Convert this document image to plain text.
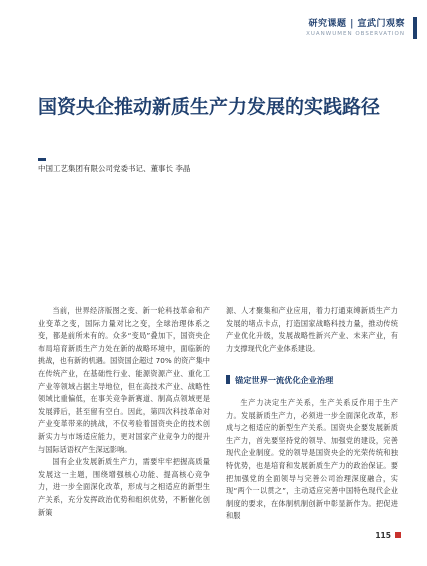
研究课题 | 宣武门观察
XUANWUMEN OBSERVATION
国资央企推动新质生产力发展的实践路径
中国工艺集团有限公司党委书记、董事长 李晶

当前，世界经济版图之变、新一轮科技革命和产业变革之变，国际力量对比之变，全球治理体系之变，都是前所未有的。众多“变局”叠加下，国资央企布局培育新质生产力处在新的战略环境中，面临新的挑战，也有新的机遇。国资国企超过 70% 的资产集中在传统产业，在基础性行业、能源资源产业、重化工产业等领域占据主导地位，但在高技术产业、战略性领域比重偏低，在事关竞争新赛道、制高点领域更是发展滞后，甚至留有空白。因此，第四次科技革命对产业变革带来的挑战，不仅考验着国资央企的技术创新实力与市场适应能力，更对国家产业竞争力的提升与国际话语权产生深远影响。

国有企业发展新质生产力，需要牢牢把握高质量发展这一主题，围绕增强核心功能、提高核心竞争力，进一步全面深化改革，形成与之相适应的新型生产关系，充分发挥政治优势和组织优势，不断催化创新策

源、人才聚集和产业应用，着力打通束缚新质生产力发展的堵点卡点，打造国家战略科技力量，推动传统产业优化升级，发展战略性新兴产业、未来产业，有力支撑现代化产业体系建设。

锚定世界一流优化企业治理

生产力决定生产关系，生产关系反作用于生产力。发展新质生产力，必须进一步全面深化改革，形成与之相适应的新型生产关系。国资央企要发展新质生产力，首先要坚持党的领导、加强党的建设，完善现代企业制度。党的领导是国资央企的光荣传统和独特优势，也是培育和发展新质生产力的政治保证。要把加强党的全面领导与完善公司治理深度融合，实现“两个一以贯之”，主动适应完善中国特色现代企业制度的要求，在体制机制创新中彰显新作为。把促进和服

115
